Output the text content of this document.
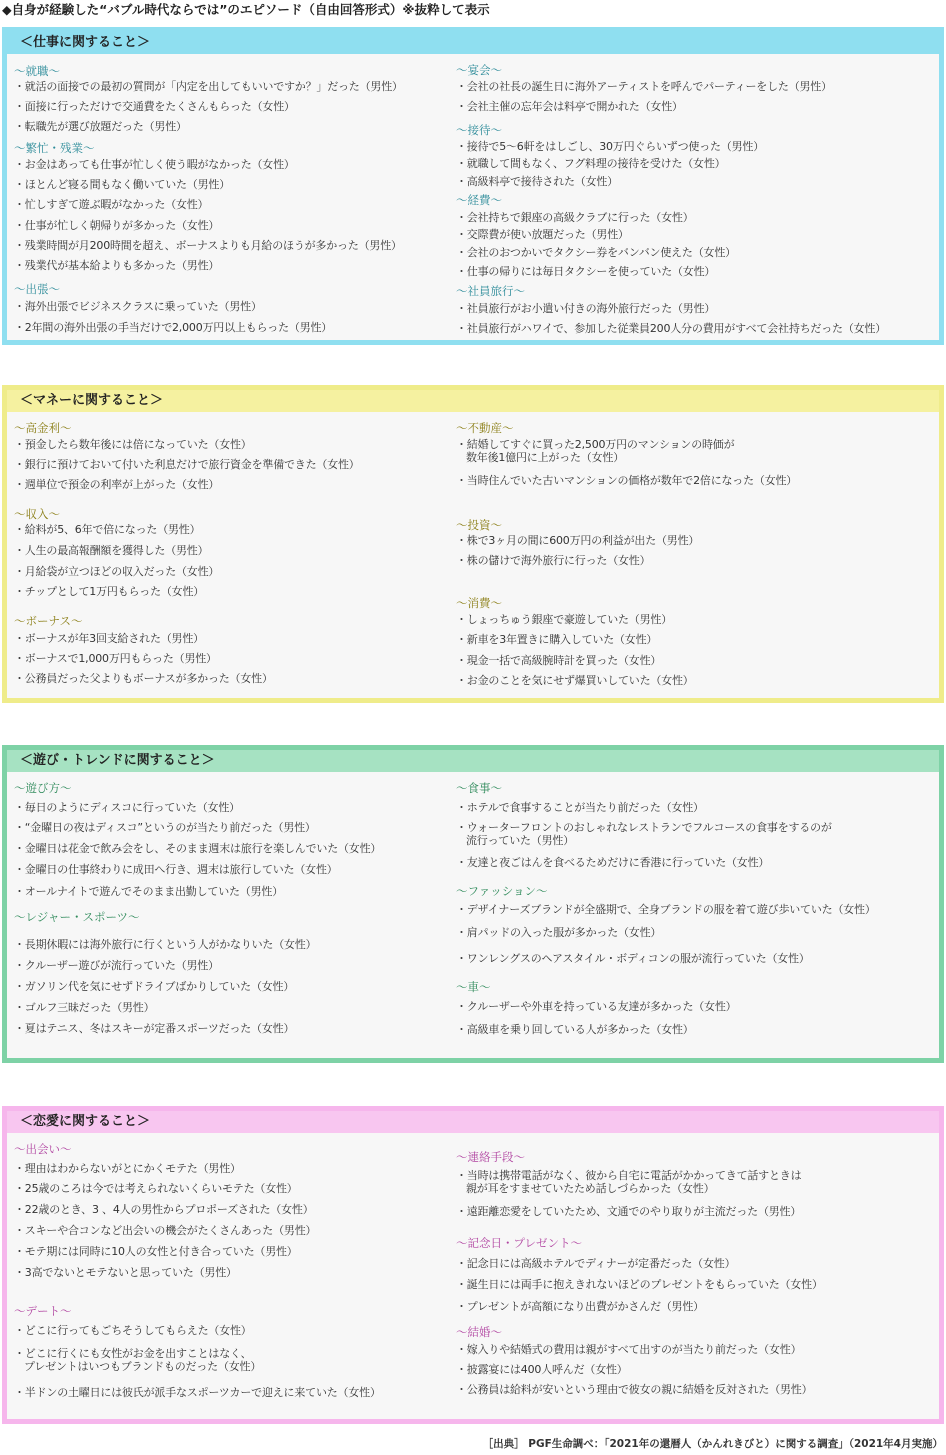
◆自身が経験した“バブル時代ならでは”のエピソード（自由回答形式）※抜粋して表示
＜仕事に関すること＞
～就職～
・就活の面接での最初の質問が「内定を出してもいいですか？」だった（男性）
・面接に行っただけで交通費をたくさんもらった（女性）
・転職先が選び放題だった（男性）
～繁忙・残業～
・お金はあっても仕事が忙しく使う暇がなかった（女性）
・ほとんど寝る間もなく働いていた（男性）
・忙しすぎて遊ぶ暇がなかった（女性）
・仕事が忙しく朝帰りが多かった（女性）
・残業時間が月200時間を超え、ボーナスよりも月給のほうが多かった（男性）
・残業代が基本給よりも多かった（男性）
～出張～
・海外出張でビジネスクラスに乗っていた（男性）
・2年間の海外出張の手当だけで2,000万円以上もらった（男性）
～宴会～
・会社の社長の誕生日に海外アーティストを呼んでパーティーをした（男性）
・会社主催の忘年会は料亭で開かれた（女性）
～接待～
・接待で5～6軒をはしごし、30万円ぐらいずつ使った（男性）
・就職して間もなく、フグ料理の接待を受けた（女性）
・高級料亭で接待された（女性）
～経費～
・会社持ちで銀座の高級クラブに行った（女性）
・交際費が使い放題だった（男性）
・会社のおつかいでタクシー券をバンバン使えた（女性）
・仕事の帰りには毎日タクシーを使っていた（女性）
～社員旅行～
・社員旅行がお小遣い付きの海外旅行だった（男性）
・社員旅行がハワイで、参加した従業員200人分の費用がすべて会社持ちだった（女性）
＜マネーに関すること＞
～高金利～
・預金したら数年後には倍になっていた（女性）
・銀行に預けておいて付いた利息だけで旅行資金を準備できた（女性）
・週単位で預金の利率が上がった（女性）
～収入～
・給料が5、6年で倍になった（男性）
・人生の最高報酬額を獲得した（男性）
・月給袋が立つほどの収入だった（女性）
・チップとして1万円もらった（女性）
～ボーナス～
・ボーナスが年3回支給された（男性）
・ボーナスで1,000万円もらった（男性）
・公務員だった父よりもボーナスが多かった（女性）
～不動産～
・結婚してすぐに買った2,500万円のマンションの時価が
数年後1億円に上がった（女性）
・当時住んでいた古いマンションの価格が数年で2倍になった（女性）
～投資～
・株で3ヶ月の間に600万円の利益が出た（男性）
・株の儲けで海外旅行に行った（女性）
～消費～
・しょっちゅう銀座で豪遊していた（男性）
・新車を3年置きに購入していた（女性）
・現金一括で高級腕時計を買った（女性）
・お金のことを気にせず爆買いしていた（女性）
＜遊び・トレンドに関すること＞
～遊び方～
・毎日のようにディスコに行っていた（女性）
・“金曜日の夜はディスコ”というのが当たり前だった（男性）
・金曜日は花金で飲み会をし、そのまま週末は旅行を楽しんでいた（女性）
・金曜日の仕事終わりに成田へ行き、週末は旅行していた（女性）
・オールナイトで遊んでそのまま出勤していた（男性）
～レジャー・スポーツ～
・長期休暇には海外旅行に行くという人がかなりいた（女性）
・クルーザー遊びが流行っていた（男性）
・ガソリン代を気にせずドライブばかりしていた（女性）
・ゴルフ三昧だった（男性）
・夏はテニス、冬はスキーが定番スポーツだった（女性）
～食事～
・ホテルで食事することが当たり前だった（女性）
・ウォーターフロントのおしゃれなレストランでフルコースの食事をするのが
流行っていた（男性）
・友達と夜ごはんを食べるためだけに香港に行っていた（女性）
～ファッション～
・デザイナーズブランドが全盛期で、全身ブランドの服を着て遊び歩いていた（女性）
・肩パッドの入った服が多かった（女性）
・ワンレングスのヘアスタイル・ボディコンの服が流行っていた（女性）
～車～
・クルーザーや外車を持っている友達が多かった（女性）
・高級車を乗り回している人が多かった（女性）
＜恋愛に関すること＞
～出会い～
・理由はわからないがとにかくモテた（男性）
・25歳のころは今では考えられないくらいモテた（女性）
・22歳のとき、3 、4人の男性からプロポーズされた（女性）
・スキーや合コンなど出会いの機会がたくさんあった（男性）
・モテ期には同時に10人の女性と付き合っていた（男性）
・3高でないとモテないと思っていた（男性）
～デート～
・どこに行ってもごちそうしてもらえた（女性）
・どこに行くにも女性がお金を出すことはなく、
プレゼントはいつもブランドものだった（女性）
・半ドンの土曜日には彼氏が派手なスポーツカーで迎えに来ていた（女性）
～連絡手段～
・当時は携帯電話がなく、彼から自宅に電話がかかってきて話すときは
親が耳をすませていたため話しづらかった（女性）
・遠距離恋愛をしていたため、文通でのやり取りが主流だった（男性）
～記念日・プレゼント～
・記念日には高級ホテルでディナーが定番だった（女性）
・誕生日には両手に抱えきれないほどのプレゼントをもらっていた（女性）
・プレゼントが高額になり出費がかさんだ（男性）
～結婚～
・嫁入りや結婚式の費用は親がすべて出すのが当たり前だった（女性）
・披露宴には400人呼んだ（女性）
・公務員は給料が安いという理由で彼女の親に結婚を反対された（男性）
［出典］ PGF生命調べ：「2021年の還暦人（かんれきびと）に関する調査」（2021年4月実施）
